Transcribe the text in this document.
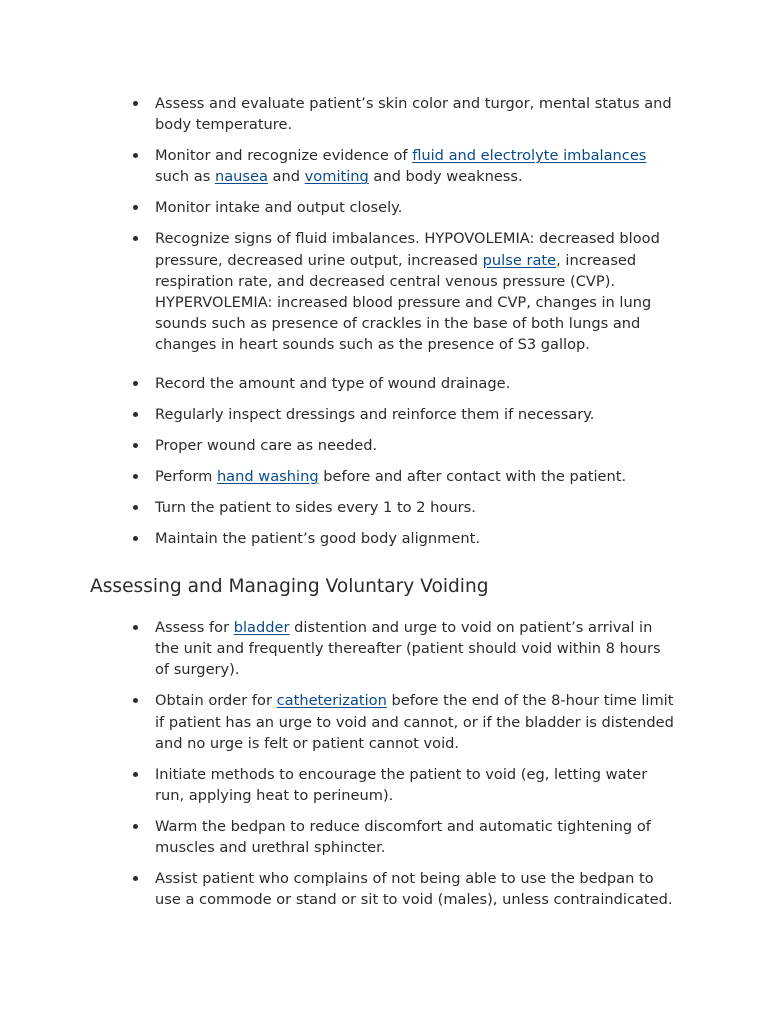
Assess and evaluate patient’s skin color and turgor, mental status and body temperature.
Monitor and recognize evidence of fluid and electrolyte imbalances such as nausea and vomiting and body weakness.
Monitor intake and output closely.
Recognize signs of fluid imbalances. HYPOVOLEMIA: decreased blood pressure, decreased urine output, increased pulse rate, increased respiration rate, and decreased central venous pressure (CVP). HYPERVOLEMIA: increased blood pressure and CVP, changes in lung sounds such as presence of crackles in the base of both lungs and changes in heart sounds such as the presence of S3 gallop.
Record the amount and type of wound drainage.
Regularly inspect dressings and reinforce them if necessary.
Proper wound care as needed.
Perform hand washing before and after contact with the patient.
Turn the patient to sides every 1 to 2 hours.
Maintain the patient’s good body alignment.
Assessing and Managing Voluntary Voiding
Assess for bladder distention and urge to void on patient’s arrival in the unit and frequently thereafter (patient should void within 8 hours of surgery).
Obtain order for catheterization before the end of the 8-hour time limit if patient has an urge to void and cannot, or if the bladder is distended and no urge is felt or patient cannot void.
Initiate methods to encourage the patient to void (eg, letting water run, applying heat to perineum).
Warm the bedpan to reduce discomfort and automatic tightening of muscles and urethral sphincter.
Assist patient who complains of not being able to use the bedpan to use a commode or stand or sit to void (males), unless contraindicated.
